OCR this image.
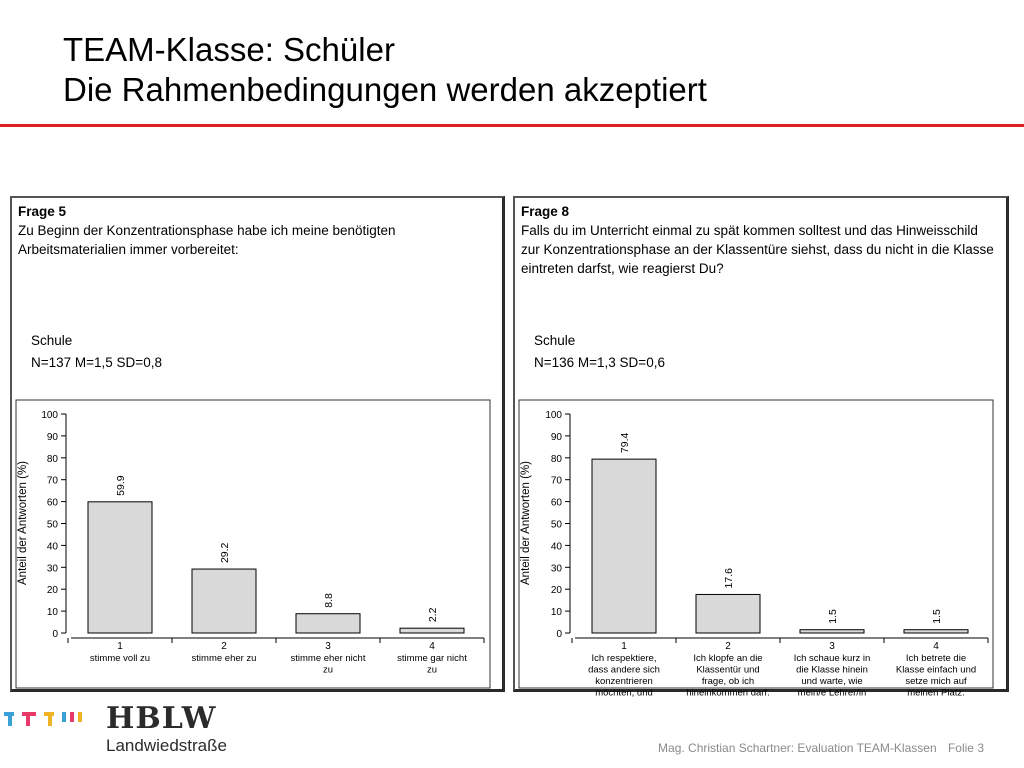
TEAM-Klasse: Schüler
Die Rahmenbedingungen werden akzeptiert
Frage 5
Zu Beginn der Konzentrationsphase habe ich meine benötigten Arbeitsmaterialien immer vorbereitet:
Schule
N=137 M=1,5 SD=0,8
0
10
20
30
40
50
60
70
80
90
100
Anteil der Antworten (%)	59.9
1
stimme voll zu
29.2
2
stimme eher zu
8.8
3
stimme eher nicht
zu
2.2
4
stimme gar nicht
zu
Frage 8
Falls du im Unterricht einmal zu spät kommen solltest und das Hinweisschild zur Konzentrationsphase an der Klassentüre siehst, dass du nicht in die Klasse eintreten darfst, wie reagierst Du?
Schule
N=136 M=1,3 SD=0,6
0
10
20
30
40
50
60
70
80
90
100
Anteil der Antworten (%)
79.4
1
Ich respektiere,
dass andere sich
konzentrieren
möchten, und
17.6
2
Ich klopfe an die
Klassentür und
frage, ob ich
hineinkommen darf.
1.5
3
Ich schaue kurz in
die Klasse hinein
und warte, wie
mein/e Lehrer/in
1.5
4
Ich betrete die
Klasse einfach und
setze mich auf
meinen Platz.
HBLW
Landwiedstraße	Mag. Christian Schartner: Evaluation TEAM-Klassen Folie 3
